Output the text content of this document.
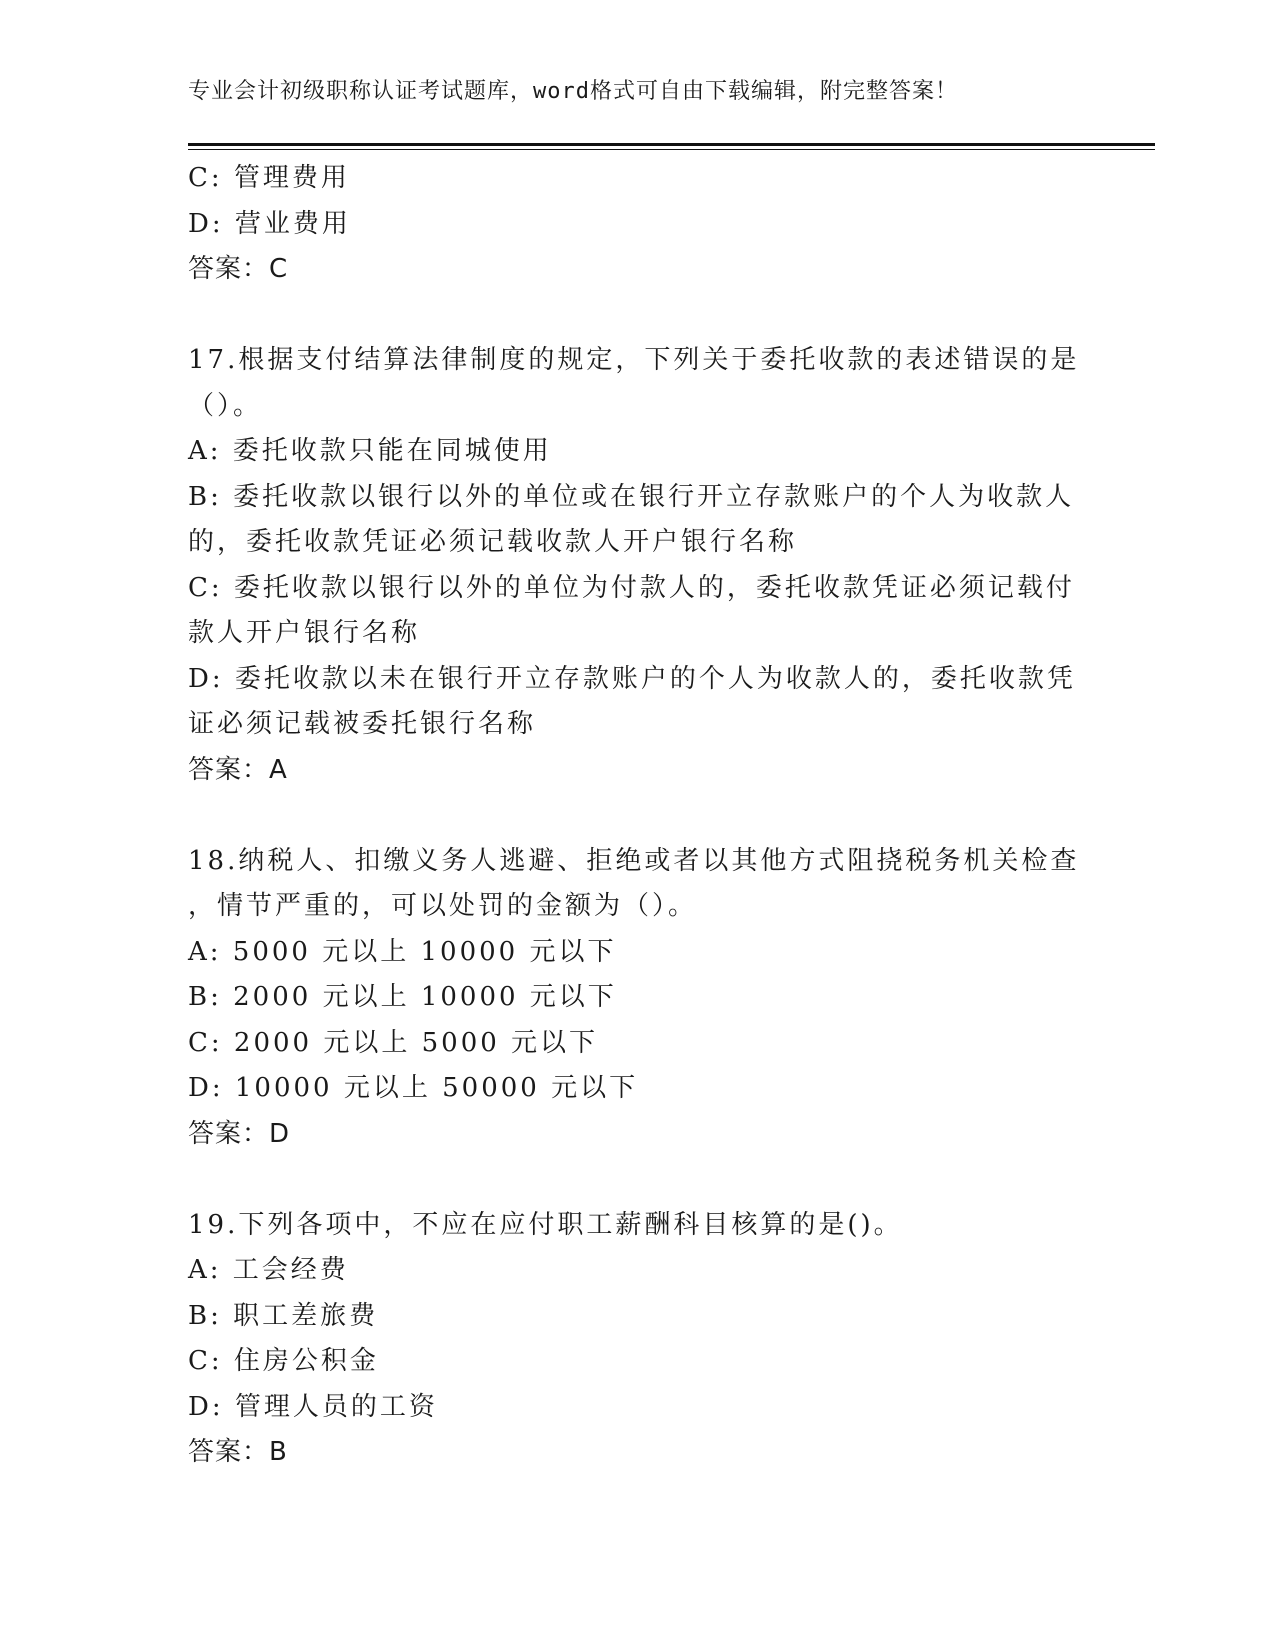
专业会计初级职称认证考试题库，word格式可自由下载编辑，附完整答案！
C: 管理费用
D: 营业费用
答案：C
17.根据支付结算法律制度的规定，下列关于委托收款的表述错误的是
（）。
A: 委托收款只能在同城使用
B: 委托收款以银行以外的单位或在银行开立存款账户的个人为收款人
的，委托收款凭证必须记载收款人开户银行名称
C: 委托收款以银行以外的单位为付款人的，委托收款凭证必须记载付
款人开户银行名称
D: 委托收款以未在银行开立存款账户的个人为收款人的，委托收款凭
证必须记载被委托银行名称
答案：A
18.纳税人、扣缴义务人逃避、拒绝或者以其他方式阻挠税务机关检查
，情节严重的，可以处罚的金额为（）。
A: 5000 元以上 10000 元以下
B: 2000 元以上 10000 元以下
C: 2000 元以上 5000 元以下
D: 10000 元以上 50000 元以下
答案：D
19.下列各项中，不应在应付职工薪酬科目核算的是()。
A: 工会经费
B: 职工差旅费
C: 住房公积金
D: 管理人员的工资
答案：B
